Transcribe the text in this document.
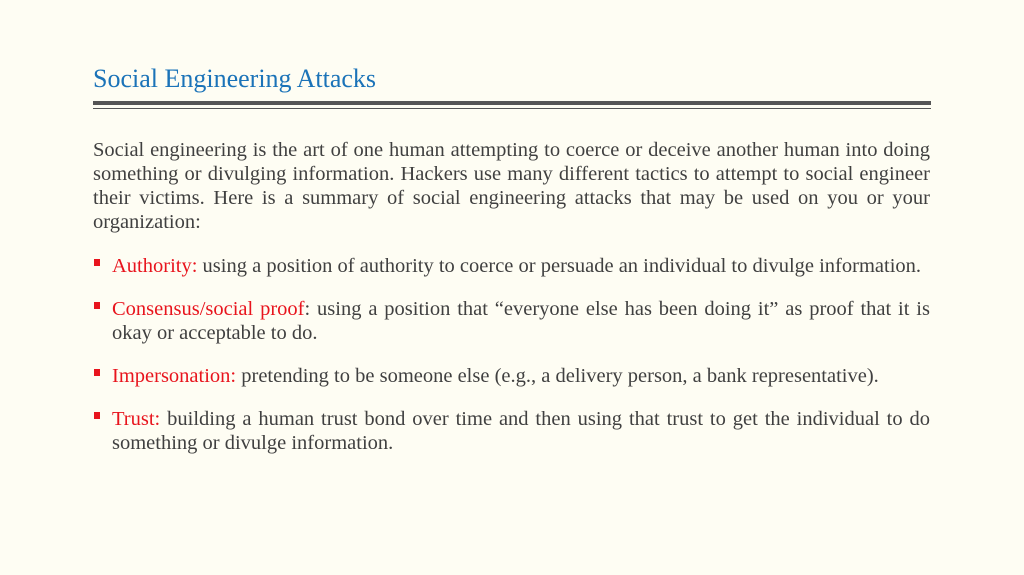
Social Engineering Attacks

Social engineering is the art of one human attempting to coerce or deceive another human into doing something or divulging information. Hackers use many different tactics to attempt to social engineer their victims. Here is a summary of social engineering attacks that may be used on you or your organization:

Authority: using a position of authority to coerce or persuade an individual to divulge information.
Consensus/social proof: using a position that “everyone else has been doing it” as proof that it is okay or acceptable to do.
Impersonation: pretending to be someone else (e.g., a delivery person, a bank representative).
Trust: building a human trust bond over time and then using that trust to get the individual to do something or divulge information.
